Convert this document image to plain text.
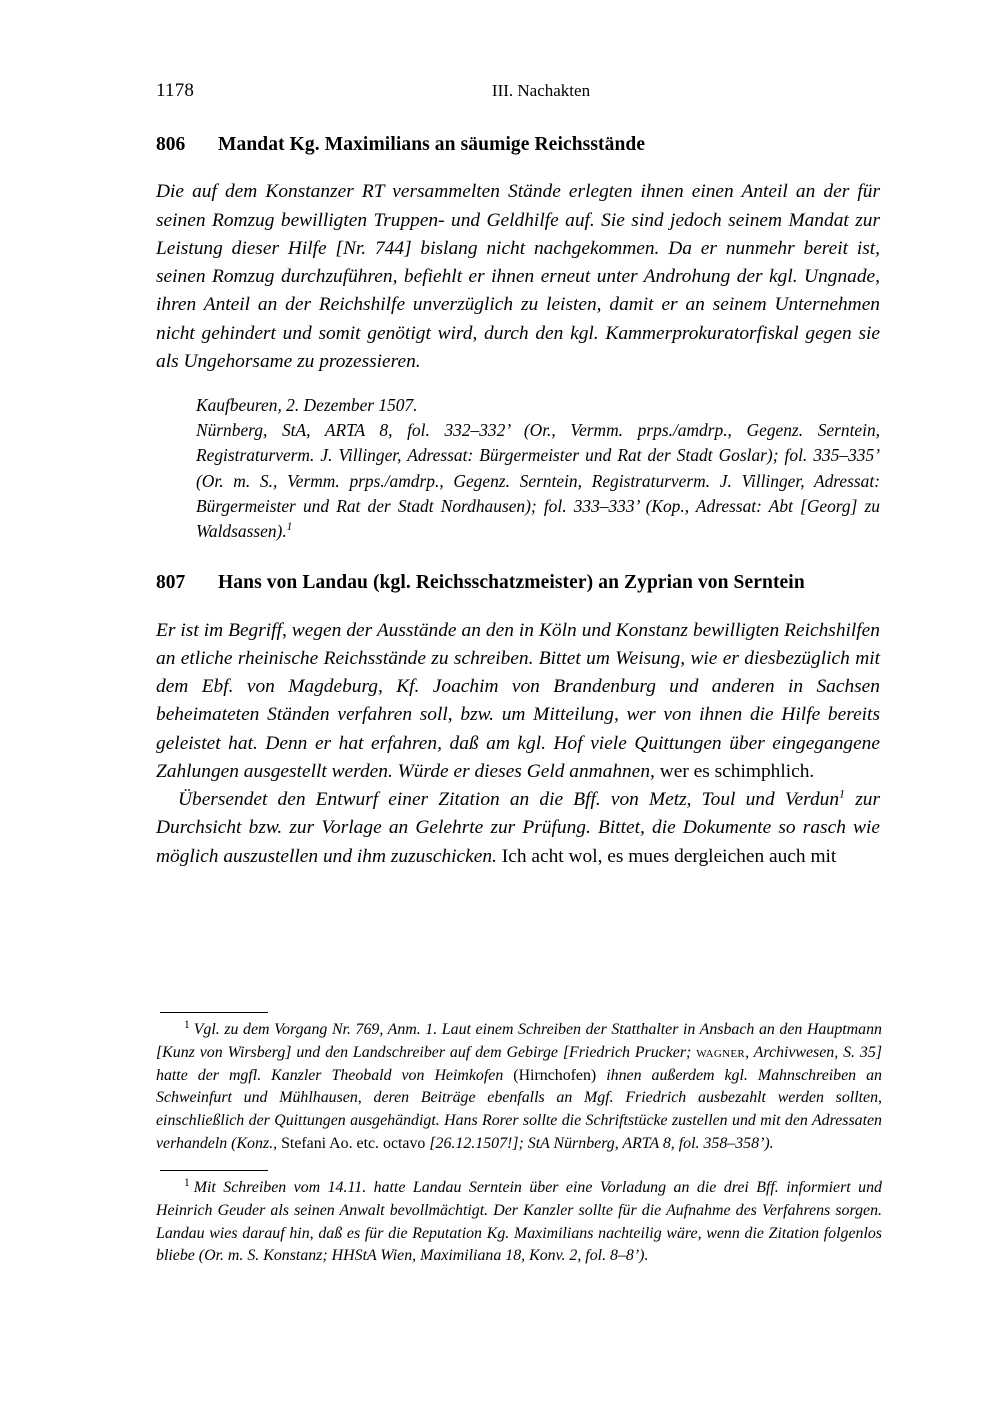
1178	III. Nachakten
806 Mandat Kg. Maximilians an säumige Reichsstände

Die auf dem Konstanzer RT versammelten Stände erlegten ihnen einen Anteil an der für seinen Romzug bewilligten Truppen- und Geldhilfe auf. Sie sind jedoch seinem Mandat zur Leistung dieser Hilfe [Nr. 744] bislang nicht nachgekommen. Da er nunmehr bereit ist, seinen Romzug durchzuführen, befiehlt er ihnen erneut unter Androhung der kgl. Ungnade, ihren Anteil an der Reichshilfe unverzüglich zu leisten, damit er an seinem Unternehmen nicht gehindert und somit genötigt wird, durch den kgl. Kammerprokuratorfiskal gegen sie als Ungehorsame zu prozessieren.

Kaufbeuren, 2. Dezember 1507.
Nürnberg, StA, ARTA 8, fol. 332–332’ (Or., Vermm. prps./amdrp., Gegenz. Serntein, Registraturverm. J. Villinger, Adressat: Bürgermeister und Rat der Stadt Goslar); fol. 335–335’ (Or. m. S., Vermm. prps./amdrp., Gegenz. Serntein, Registraturverm. J. Villinger, Adressat: Bürgermeister und Rat der Stadt Nordhausen); fol. 333–333’ (Kop., Adressat: Abt [Georg] zu Waldsassen).$^1$
807 Hans von Landau (kgl. Reichsschatzmeister) an Zyprian von Serntein

Er ist im Begriff, wegen der Ausstände an den in Köln und Konstanz bewilligten Reichshilfen an etliche rheinische Reichsstände zu schreiben. Bittet um Weisung, wie er diesbezüglich mit dem Ebf. von Magdeburg, Kf. Joachim von Brandenburg und anderen in Sachsen beheimateten Ständen verfahren soll, bzw. um Mitteilung, wer von ihnen die Hilfe bereits geleistet hat. Denn er hat erfahren, daß am kgl. Hof viele Quittungen über eingegangene Zahlungen ausgestellt werden. Würde er dieses Geld anmahnen, wer es schimphlich.

Übersendet den Entwurf einer Zitation an die Bff. von Metz, Toul und Verdun$^1$ zur Durchsicht bzw. zur Vorlage an Gelehrte zur Prüfung. Bittet, die Dokumente so rasch wie möglich auszustellen und ihm zuzuschicken. Ich acht wol, es mues dergleichen auch mit

$^1$ Vgl. zu dem Vorgang Nr. 769, Anm. 1. Laut einem Schreiben der Statthalter in Ansbach an den Hauptmann [Kunz von Wirsberg] und den Landschreiber auf dem Gebirge [Friedrich Prucker; wagner, Archivwesen, S. 35] hatte der mgfl. Kanzler Theobald von Heimkofen (Hirnchofen) ihnen außerdem kgl. Mahnschreiben an Schweinfurt und Mühlhausen, deren Beiträge ebenfalls an Mgf. Friedrich ausbezahlt werden sollten, einschließlich der Quittungen ausgehändigt. Hans Rorer sollte die Schriftstücke zustellen und mit den Adressaten verhandeln (Konz., Stefani Ao. etc. octavo [26.12.1507!]; StA Nürnberg, ARTA 8, fol. 358–358’).
$^1$ Mit Schreiben vom 14.11. hatte Landau Serntein über eine Vorladung an die drei Bff. informiert und Heinrich Geuder als seinen Anwalt bevollmächtigt. Der Kanzler sollte für die Aufnahme des Verfahrens sorgen. Landau wies darauf hin, daß es für die Reputation Kg. Maximilians nachteilig wäre, wenn die Zitation folgenlos bliebe (Or. m. S. Konstanz; HHStA Wien, Maximiliana 18, Konv. 2, fol. 8–8’).
